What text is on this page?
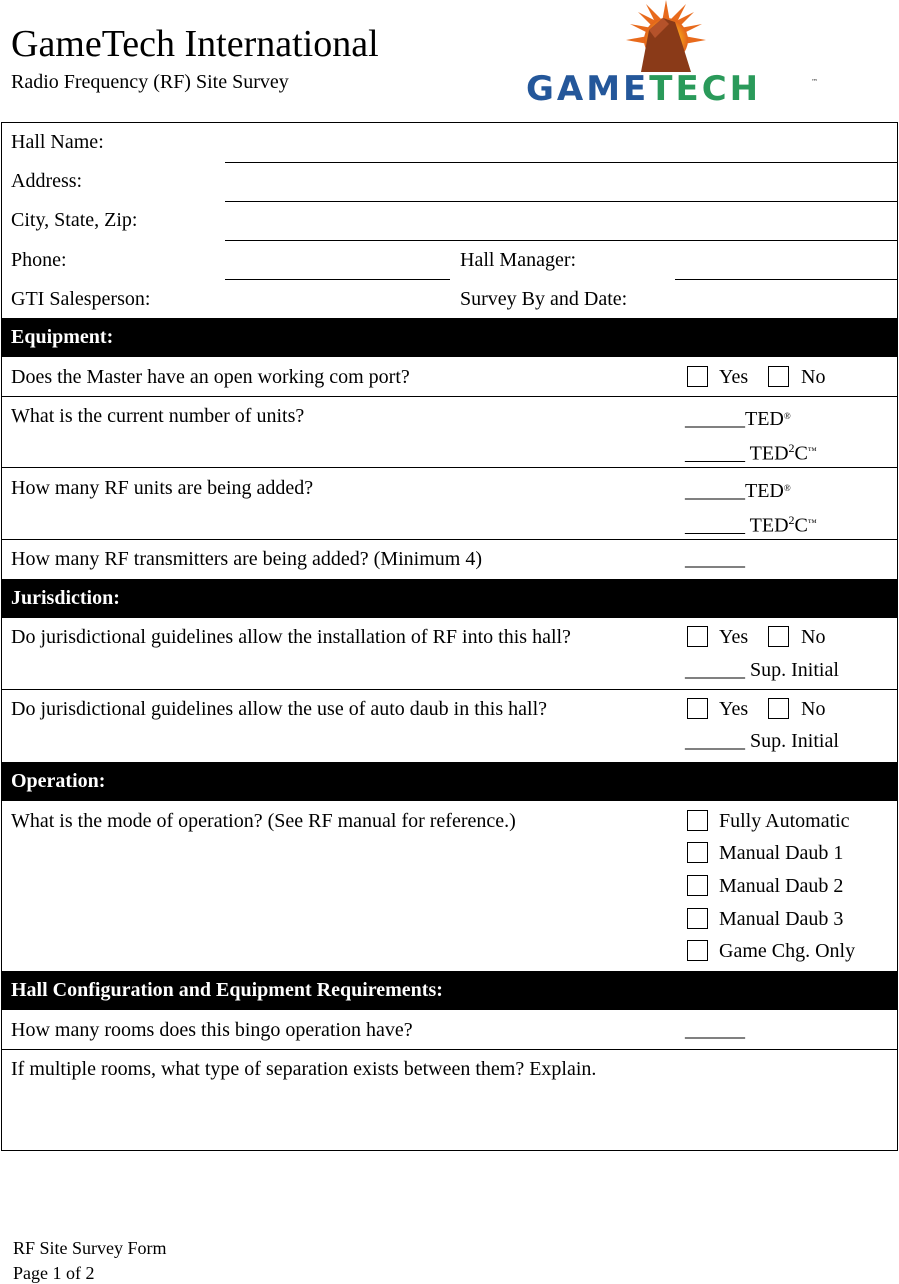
GameTech International
Radio Frequency (RF) Site Survey	GAMETECH	™
Hall Name:
Address:
City, State, Zip:
Phone:	Hall Manager:
GTI Salesperson:	Survey By and Date:
Equipment:
Does the Master have an open working com port?	Yes	No
What is the current number of units?	______TED®
______ TED$^2$C™
How many RF units are being added?	______TED®
______ TED$^2$C™
How many RF transmitters are being added? (Minimum 4)	______
Jurisdiction:
Do jurisdictional guidelines allow the installation of RF into this hall?	Yes	No
______ Sup. Initial
Do jurisdictional guidelines allow the use of auto daub in this hall?	Yes	No
______ Sup. Initial
Operation:
What is the mode of operation? (See RF manual for reference.)	Fully Automatic
Manual Daub 1
Manual Daub 2
Manual Daub 3
Game Chg. Only
Hall Configuration and Equipment Requirements:
How many rooms does this bingo operation have?	______
If multiple rooms, what type of separation exists between them? Explain.
RF Site Survey Form
Page 1 of 2
